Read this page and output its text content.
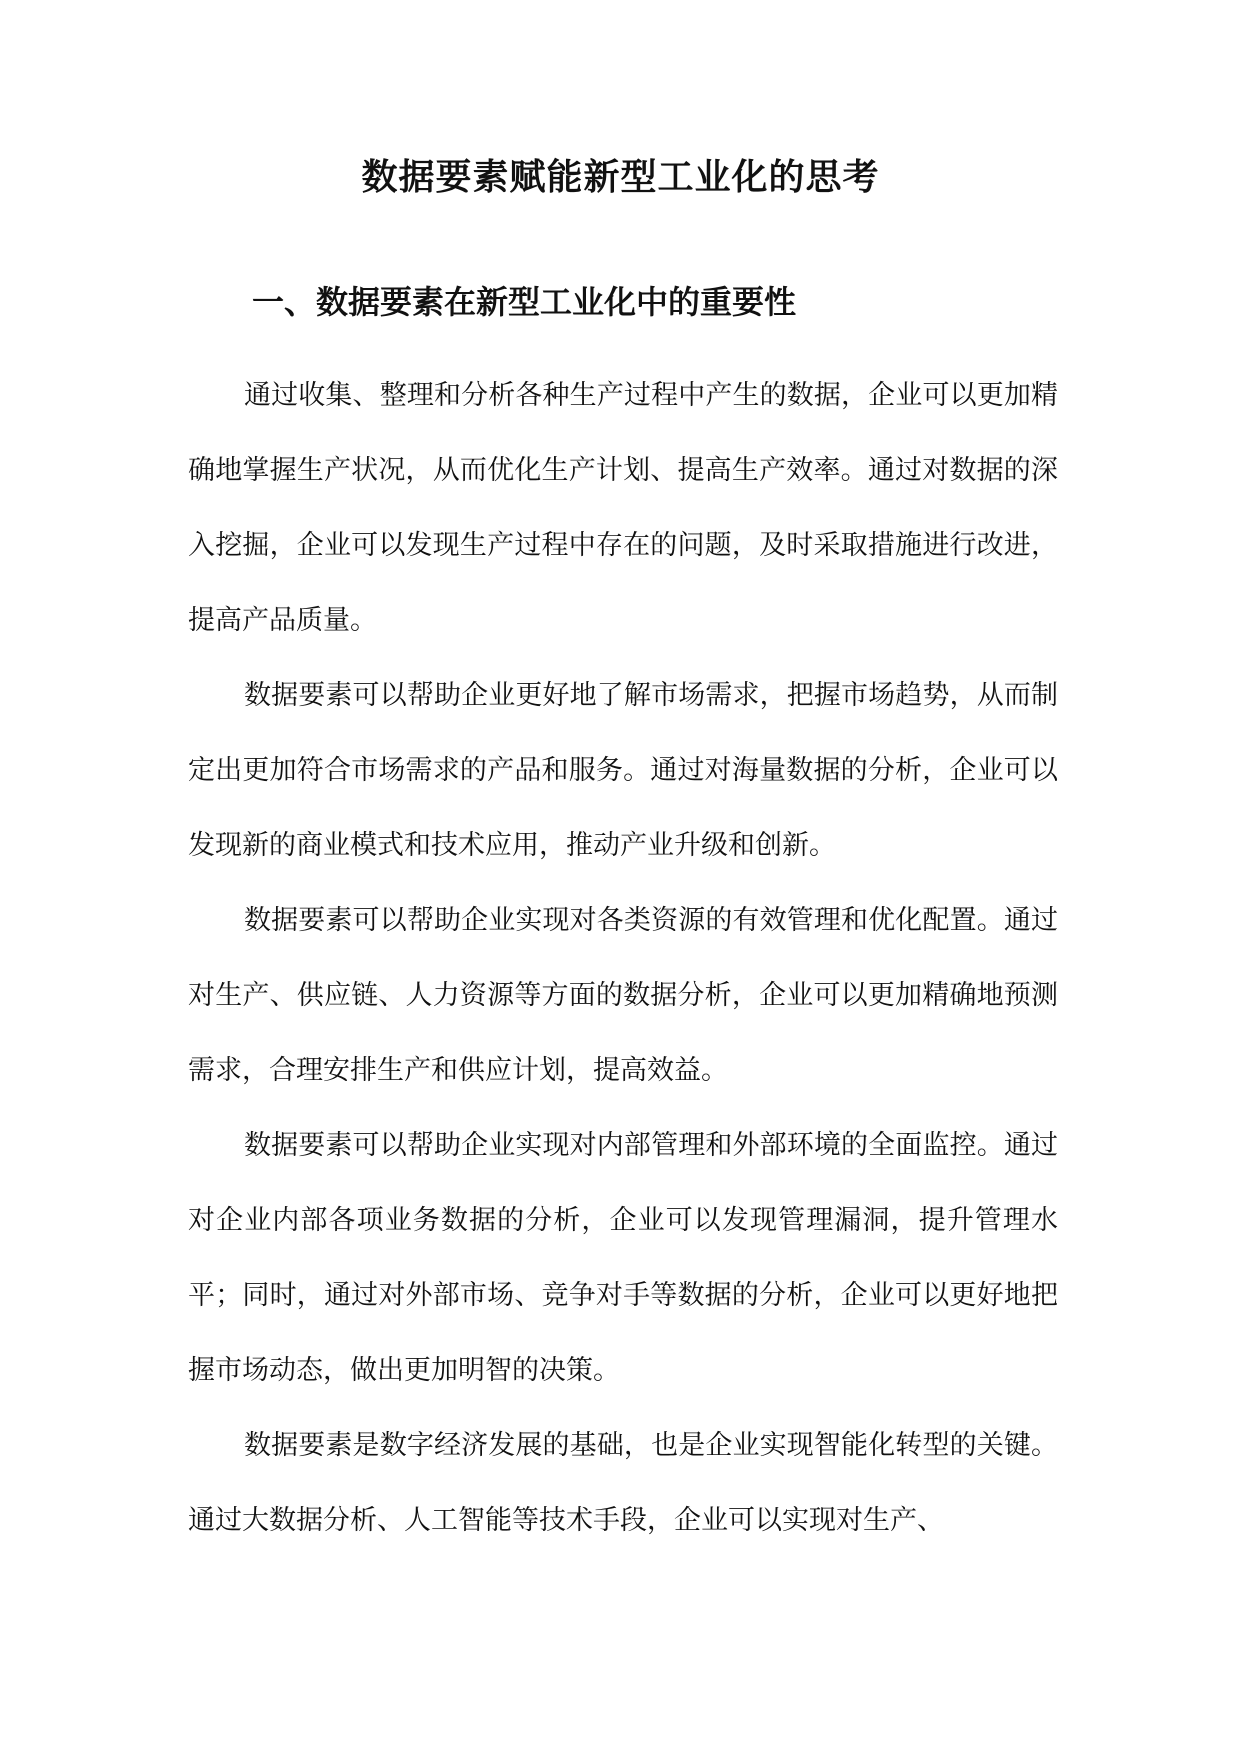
数据要素赋能新型工业化的思考
一、数据要素在新型工业化中的重要性

通过收集、整理和分析各种生产过程中产生的数据，企业可以更加精确地掌握生产状况，从而优化生产计划、提高生产效率。通过对数据的深入挖掘，企业可以发现生产过程中存在的问题，及时采取措施进行改进，提高产品质量。

数据要素可以帮助企业更好地了解市场需求，把握市场趋势，从而制定出更加符合市场需求的产品和服务。通过对海量数据的分析，企业可以发现新的商业模式和技术应用，推动产业升级和创新。

数据要素可以帮助企业实现对各类资源的有效管理和优化配置。通过对生产、供应链、人力资源等方面的数据分析，企业可以更加精确地预测需求，合理安排生产和供应计划，提高效益。

数据要素可以帮助企业实现对内部管理和外部环境的全面监控。通过对企业内部各项业务数据的分析，企业可以发现管理漏洞，提升管理水平；同时，通过对外部市场、竞争对手等数据的分析，企业可以更好地把握市场动态，做出更加明智的决策。

数据要素是数字经济发展的基础，也是企业实现智能化转型的关键。通过大数据分析、人工智能等技术手段，企业可以实现对生产、
